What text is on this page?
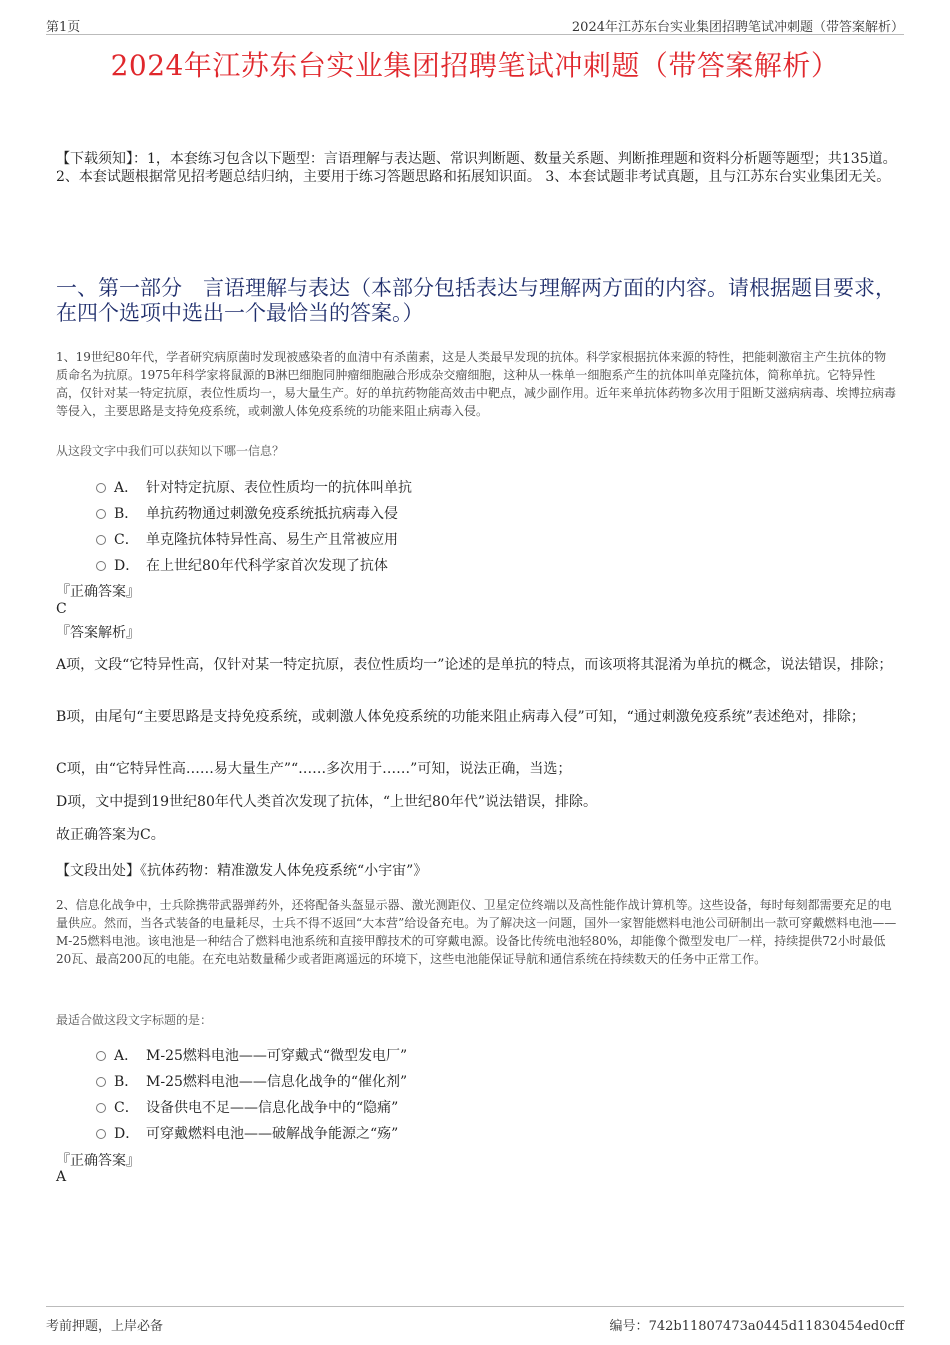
第1页	2024年江苏东台实业集团招聘笔试冲刺题（带答案解析）
2024年江苏东台实业集团招聘笔试冲刺题（带答案解析）
【下载须知】：1，本套练习包含以下题型：言语理解与表达题、常识判断题、数量关系题、判断推理题和资料分析题等题型；共135道。 2、本套试题根据常见招考题总结归纳，主要用于练习答题思路和拓展知识面。 3、本套试题非考试真题，且与江苏东台实业集团无关。
一、第一部分　言语理解与表达（本部分包括表达与理解两方面的内容。请根据题目要求，在四个选项中选出一个最恰当的答案。）
1、19世纪80年代，学者研究病原菌时发现被感染者的血清中有杀菌素，这是人类最早发现的抗体。科学家根据抗体来源的特性，把能刺激宿主产生抗体的物质命名为抗原。1975年科学家将鼠源的B淋巴细胞同肿瘤细胞融合形成杂交瘤细胞，这种从一株单一细胞系产生的抗体叫单克隆抗体，简称单抗。它特异性高，仅针对某一特定抗原，表位性质均一，易大量生产。好的单抗药物能高效击中靶点，减少副作用。近年来单抗体药物多次用于阻断艾滋病病毒、埃博拉病毒等侵入，主要思路是支持免疫系统，或刺激人体免疫系统的功能来阻止病毒入侵。
从这段文字中我们可以获知以下哪一信息？
A． 针对特定抗原、表位性质均一的抗体叫单抗
B． 单抗药物通过刺激免疫系统抵抗病毒入侵
C． 单克隆抗体特异性高、易生产且常被应用
D． 在上世纪80年代科学家首次发现了抗体
『正确答案』
C
『答案解析』
A项，文段“它特异性高，仅针对某一特定抗原，表位性质均一”论述的是单抗的特点，而该项将其混淆为单抗的概念，说法错误，排除；
B项，由尾句“主要思路是支持免疫系统，或刺激人体免疫系统的功能来阻止病毒入侵”可知，“通过刺激免疫系统”表述绝对，排除；
C项，由“它特异性高……易大量生产”“……多次用于……”可知，说法正确，当选；
D项，文中提到19世纪80年代人类首次发现了抗体，“上世纪80年代”说法错误，排除。
故正确答案为C。
【文段出处】《抗体药物：精准激发人体免疫系统“小宇宙”》
2、信息化战争中，士兵除携带武器弹药外，还将配备头盔显示器、激光测距仪、卫星定位终端以及高性能作战计算机等。这些设备，每时每刻都需要充足的电量供应。然而，当各式装备的电量耗尽，士兵不得不返回“大本营”给设备充电。为了解决这一问题，国外一家智能燃料电池公司研制出一款可穿戴燃料电池——M-25燃料电池。该电池是一种结合了燃料电池系统和直接甲醇技术的可穿戴电源。设备比传统电池轻80%，却能像个微型发电厂一样，持续提供72小时最低20瓦、最高200瓦的电能。在充电站数量稀少或者距离遥远的环境下，这些电池能保证导航和通信系统在持续数天的任务中正常工作。
最适合做这段文字标题的是：
A． M-25燃料电池——可穿戴式“微型发电厂”
B． M-25燃料电池——信息化战争的“催化剂”
C． 设备供电不足——信息化战争中的“隐痛”
D． 可穿戴燃料电池——破解战争能源之“殇”
『正确答案』
A
考前押题，上岸必备	编号：742b11807473a0445d11830454ed0cff
